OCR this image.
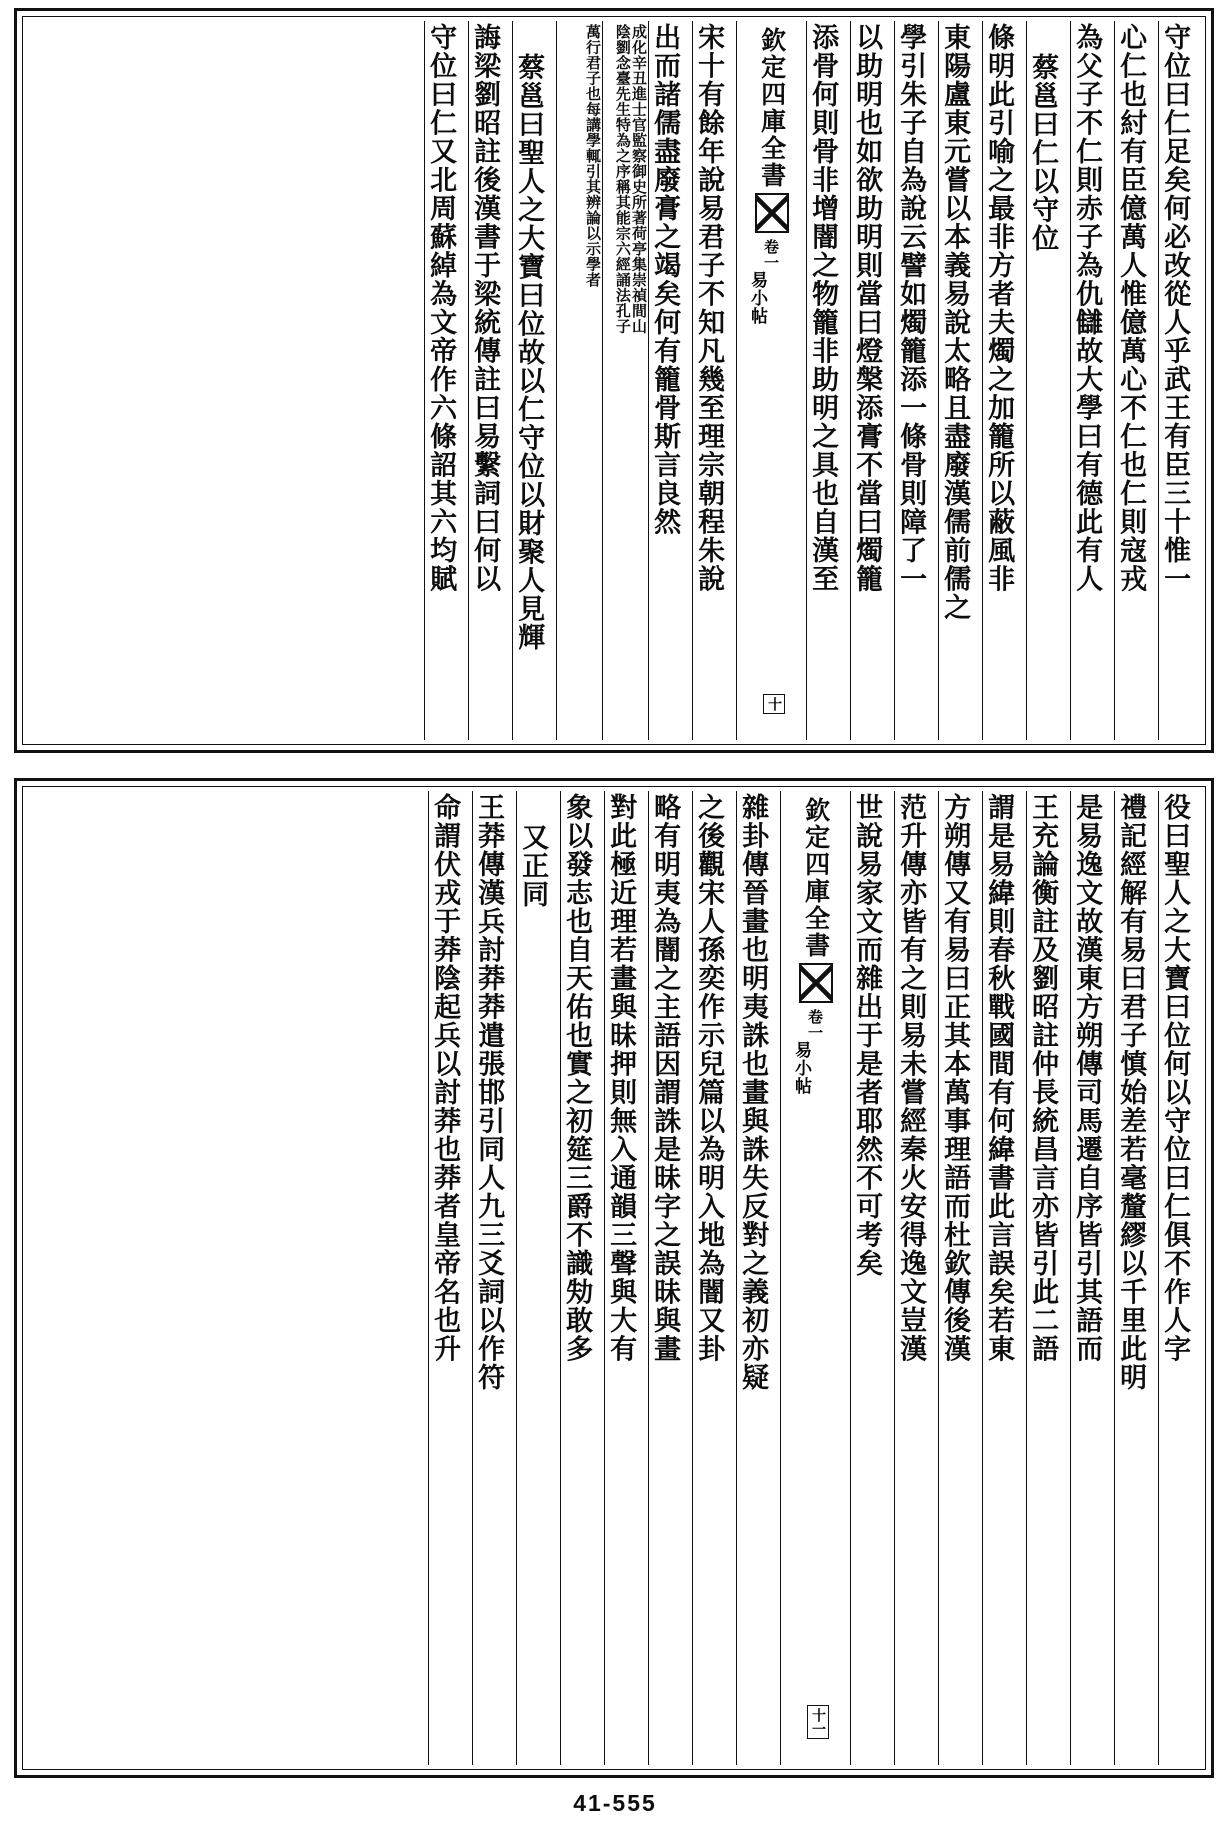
守位曰仁足矣何必改從人乎武王有臣三十惟一
心仁也紂有臣億萬人惟億萬心不仁也仁則寇戎
為父子不仁則赤子為仇讎故大學曰有德此有人
蔡邕曰仁以守位
條明此引喻之最非方者夫燭之加籠所以蔽風非
東陽盧東元嘗以本義易說太略且盡廢漢儒前儒之
學引朱子自為說云譬如燭籠添一條骨則障了一
以助明也如欲助明則當曰燈槃添膏不當曰燭籠
添骨何則骨非增闇之物籠非助明之具也自漢至
欽定四庫全書
卷一
易小帖
十
宋十有餘年說易君子不知凡幾至理宗朝程朱說
出而諸儒盡廢膏之竭矣何有籠骨斯言良然
成化辛丑進士官監察御史所著荷亭集崇禎間山
陰劉念臺先生特為之序稱其能宗六經誦法孔子
萬行君子也每講學輒引其辨論以示學者
蔡邕曰聖人之大寶曰位故以仁守位以財聚人見輝
誨梁劉昭註後漢書于梁統傳註曰易繫詞曰何以
守位曰仁又北周蘇綽為文帝作六條詔其六均賦
役曰聖人之大寶曰位何以守位曰仁俱不作人字
禮記經解有易曰君子慎始差若毫釐繆以千里此明
是易逸文故漢東方朔傳司馬遷自序皆引其語而
王充論衡註及劉昭註仲長統昌言亦皆引此二語
謂是易緯則春秋戰國間有何緯書此言誤矣若東
方朔傳又有易曰正其本萬事理語而杜欽傳後漢
范升傳亦皆有之則易未嘗經秦火安得逸文豈漢
世說易家文而雜出于是者耶然不可考矣
欽定四庫全書
卷一
易小帖
十一
雜卦傳晉畫也明夷誅也畫與誅失反對之義初亦疑
之後觀宋人孫奕作示兒篇以為明入地為闇又卦
略有明夷為闇之主語因謂誅是昧字之誤昧與畫
對此極近理若畫與昧押則無入通韻三聲與大有
象以發志也自天佑也實之初筵三爵不識劮敢多
又正同
王莽傳漢兵討莽莽遣張邯引同人九三爻詞以作符
命謂伏戎于莽陰起兵以討莽也莽者皇帝名也升
41-555
